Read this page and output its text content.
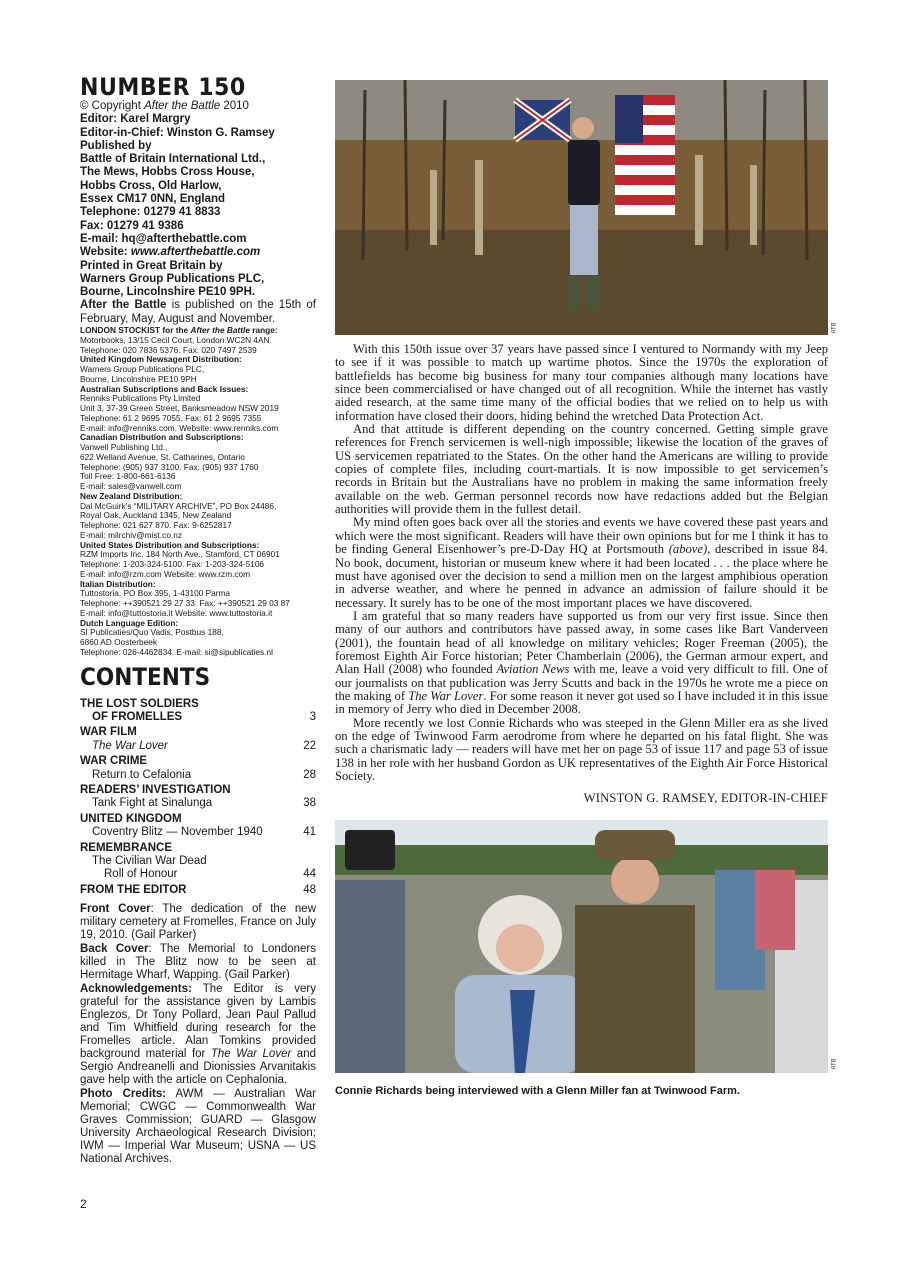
NUMBER 150

© Copyright After the Battle 2010

Editor: Karel Margry

Editor-in-Chief: Winston G. Ramsey

Published by

Battle of Britain International Ltd.,

The Mews, Hobbs Cross House,

Hobbs Cross, Old Harlow,

Essex CM17 0NN, England

Telephone: 01279 41 8833

Fax: 01279 41 9386

E-mail: hq@afterthebattle.com

Website: www.afterthebattle.com

Printed in Great Britain by

Warners Group Publications PLC,

Bourne, Lincolnshire PE10 9PH.

After the Battle is published on the 15th of February, May, August and November.

LONDON STOCKIST for the After the Battle range:

Motorbooks, 13/15 Cecil Court, London WC2N 4AN

Telephone: 020 7836 5376. Fax: 020 7497 2539

United Kingdom Newsagent Distribution:

Warners Group Publications PLC,

Bourne, Lincolnshire PE10 9PH

Australian Subscriptions and Back Issues:

Renniks Publications Pty Limited

Unit 3, 37-39 Green Street, Banksmeadow NSW 2019

Telephone: 61 2 9695 7055. Fax: 61 2 9695 7355

E-mail: info@renniks.com. Website: www.renniks.com

Canadian Distribution and Subscriptions:

Vanwell Publishing Ltd.,

622 Welland Avenue, St. Catharines, Ontario

Telephone: (905) 937 3100. Fax: (905) 937 1760

Toll Free: 1-800-661-6136

E-mail: sales@vanwell.com

New Zealand Distribution:

Dal McGuirk’s “MILITARY ARCHIVE”, PO Box 24486,

Royal Oak, Auckland 1345, New Zealand

Telephone: 021 627 870. Fax: 9-6252817

E-mail: milrchiv@mist.co.nz

United States Distribution and Subscriptions:

RZM Imports Inc, 184 North Ave., Stamford, CT 06901

Telephone: 1-203-324-5100. Fax: 1-203-324-5106

E-mail: info@rzm.com Website: www.rzm.com

Italian Distribution:

Tuttostoria, PO Box 395, 1-43100 Parma

Telephone: ++390521 29 27 33. Fax: ++390521 29 03 87

E-mail: info@tuttostoria.it Website: www.tuttostoria.it

Dutch Language Edition:

SI Publicaties/Quo Vadis, Postbus 188,

6860 AD Oosterbeek

Telephone: 026-4462834. E-mail: si@sipublicaties.nl

CONTENTS

THE LOST SOLDIERS

OF FROMELLES	3

WAR FILM

The War Lover	22

WAR CRIME

Return to Cefalonia	28

READERS’ INVESTIGATION

Tank Fight at Sinalunga	38

UNITED KINGDOM

Coventry Blitz — November 1940	41

REMEMBRANCE

The Civilian War Dead
Roll of Honour	44
FROM THE EDITOR	48

Front Cover: The dedication of the new military cemetery at Fromelles, France on July 19, 2010. (Gail Parker)

Back Cover: The Memorial to Londoners killed in The Blitz now to be seen at Hermitage Wharf, Wapping. (Gail Parker)

Acknowledgements: The Editor is very grateful for the assistance given by Lambis Englezos, Dr Tony Pollard, Jean Paul Pallud and Tim Whitfield during research for the Fromelles article. Alan Tomkins provided background material for The War Lover and Sergio Andreanelli and Dionissies Arvanitakis gave help with the article on Cephalonia.

Photo Credits: AWM — Australian War Memorial; CWGC — Commonwealth War Graves Commission; GUARD — Glasgow University Archaeological Research Division; IWM — Imperial War Museum; USNA — US National Archives.

ATB

With this 150th issue over 37 years have passed since I ventured to Normandy with my Jeep to see if it was possible to match up wartime photos. Since the 1970s the exploration of battlefields has become big business for many tour companies although many locations have since been commercialised or have changed out of all recognition. While the internet has vastly aided research, at the same time many of the official bodies that we relied on to help us with information have closed their doors, hiding behind the wretched Data Protection Act.

And that attitude is different depending on the country concerned. Getting simple grave references for French servicemen is well-nigh impossible; likewise the location of the graves of US servicemen repatriated to the States. On the other hand the Americans are willing to provide copies of complete files, including court-martials. It is now impossible to get servicemen’s records in Britain but the Australians have no problem in making the same information freely available on the web. German personnel records now have redactions added but the Belgian authorities will provide them in the fullest detail.

My mind often goes back over all the stories and events we have covered these past years and which were the most significant. Readers will have their own opinions but for me I think it has to be finding General Eisenhower’s pre-D-Day HQ at Portsmouth (above), described in issue 84. No book, document, historian or museum knew where it had been located . . . the place where he must have agonised over the decision to send a million men on the largest amphibious operation in adverse weather, and where he penned in advance an admission of failure should it be necessary. It surely has to be one of the most important places we have discovered.

I am grateful that so many readers have supported us from our very first issue. Since then many of our authors and contributors have passed away, in some cases like Bart Vanderveen (2001), the fountain head of all knowledge on military vehicles; Roger Freeman (2005), the foremost Eighth Air Force historian; Peter Chamberlain (2006), the German armour expert, and Alan Hall (2008) who founded Aviation News with me, leave a void very difficult to fill. One of our journalists on that publication was Jerry Scutts and back in the 1970s he wrote me a piece on the making of The War Lover. For some reason it never got used so I have included it in this issue in memory of Jerry who died in December 2008.

More recently we lost Connie Richards who was steeped in the Glenn Miller era as she lived on the edge of Twinwood Farm aerodrome from where he departed on his fatal flight. She was such a charismatic lady — readers will have met her on page 53 of issue 117 and page 53 of issue 138 in her role with her husband Gordon as UK representatives of the Eighth Air Force Historical Society.

WINSTON G. RAMSEY, EDITOR-IN-CHIEF
ATB
Connie Richards being interviewed with a Glenn Miller fan at Twinwood Farm.
2
